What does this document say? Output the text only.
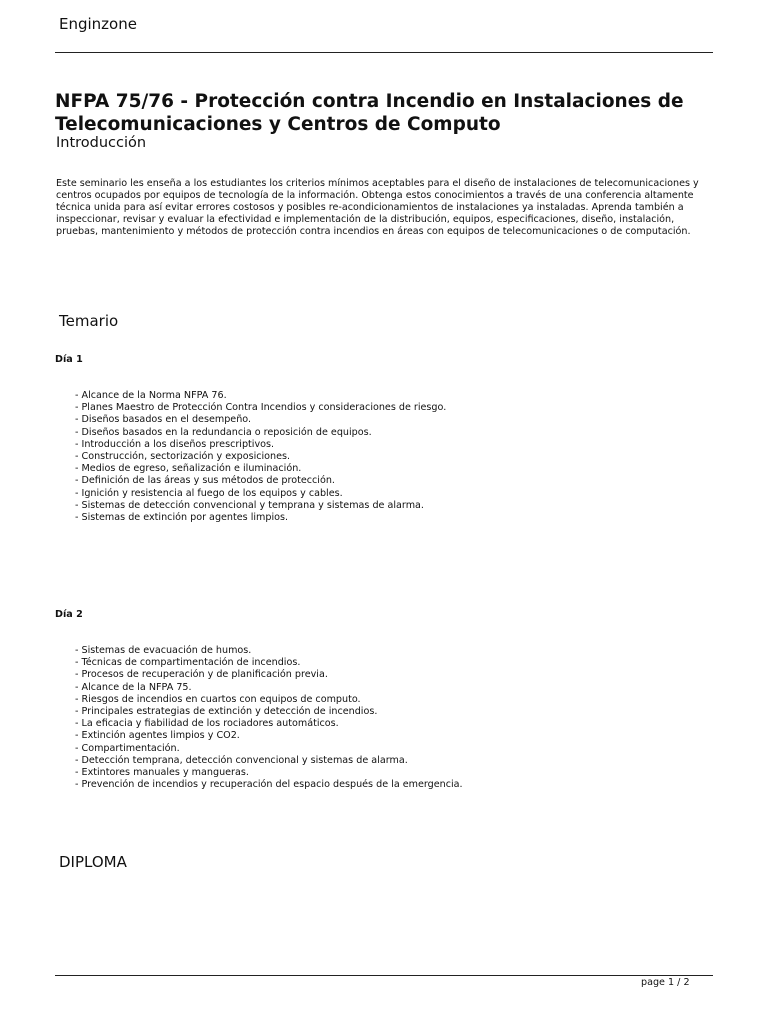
Enginzone
NFPA 75/76 - Protección contra Incendio en Instalaciones de Telecomunicaciones y Centros de Computo
Introducción

Este seminario les enseña a los estudiantes los criterios mínimos aceptables para el diseño de instalaciones de telecomunicaciones y centros ocupados por equipos de tecnología de la información. Obtenga estos conocimientos a través de una conferencia altamente técnica unida para así evitar errores costosos y posibles re-acondicionamientos de instalaciones ya instaladas. Aprenda también a inspeccionar, revisar y evaluar la efectividad e implementación de la distribución, equipos, especificaciones, diseño, instalación, pruebas, mantenimiento y métodos de protección contra incendios en áreas con equipos de telecomunicaciones o de computación.

Temario
Día 1
- Alcance de la Norma NFPA 76.
- Planes Maestro de Protección Contra Incendios y consideraciones de riesgo.
- Diseños basados en el desempeño.
- Diseños basados en la redundancia o reposición de equipos.
- Introducción a los diseños prescriptivos.
- Construcción, sectorización y exposiciones.
- Medios de egreso, señalización e iluminación.
- Definición de las áreas y sus métodos de protección.
- Ignición y resistencia al fuego de los equipos y cables.
- Sistemas de detección convencional y temprana y sistemas de alarma.
- Sistemas de extinción por agentes limpios.
Día 2
- Sistemas de evacuación de humos.
- Técnicas de compartimentación de incendios.
- Procesos de recuperación y de planificación previa.
- Alcance de la NFPA 75.
- Riesgos de incendios en cuartos con equipos de computo.
- Principales estrategias de extinción y detección de incendios.
- La eficacia y fiabilidad de los rociadores automáticos.
- Extinción agentes limpios y CO2.
- Compartimentación.
- Detección temprana, detección convencional y sistemas de alarma.
- Extintores manuales y mangueras.
- Prevención de incendios y recuperación del espacio después de la emergencia.
DIPLOMA
page 1 / 2
